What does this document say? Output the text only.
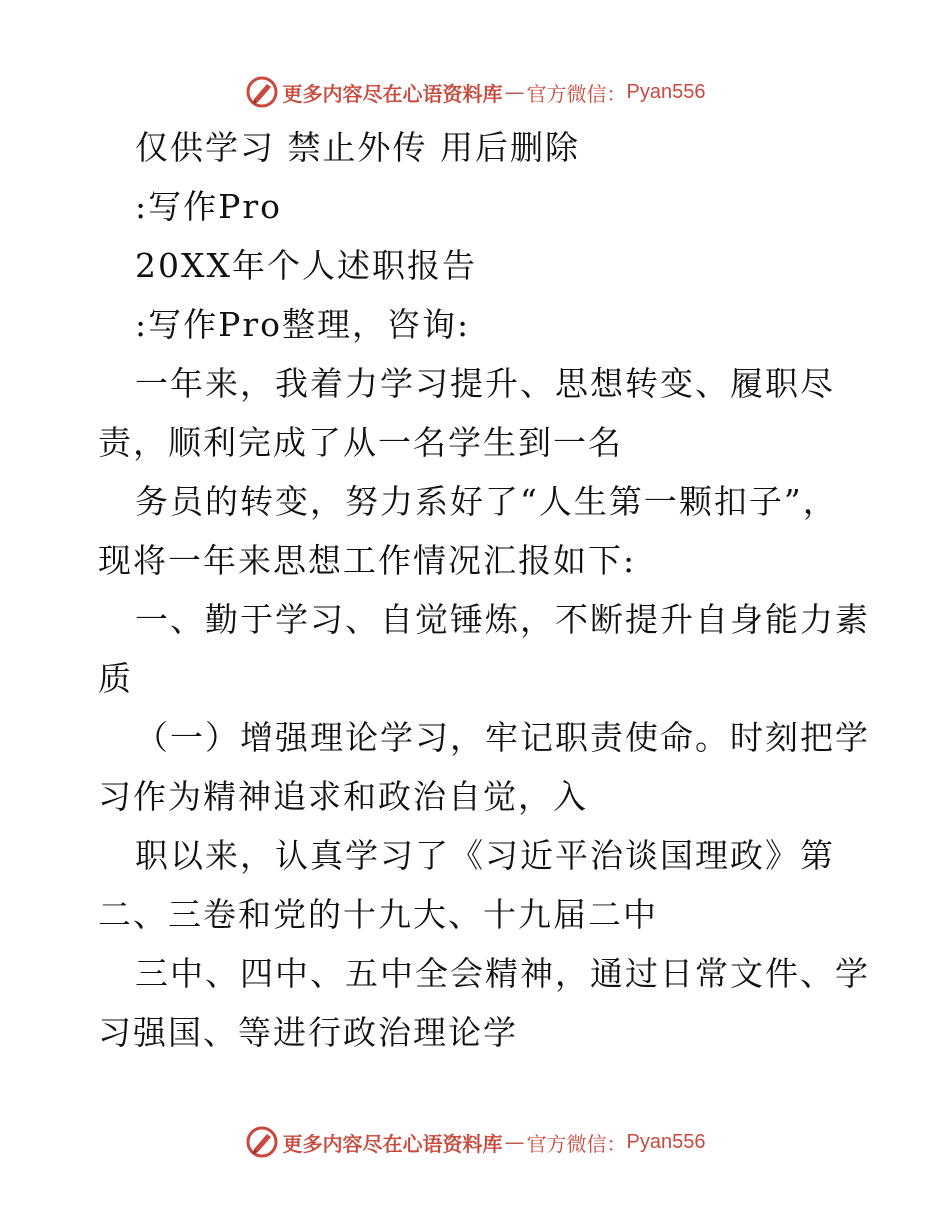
更多内容尽在心语资料库 — 官方微信： Pyan556
仅供学习 禁止外传 用后删除
:写作Pro
20XX年个人述职报告
:写作Pro整理，咨询:
一年来，我着力学习提升、思想转变、履职尽
责，顺利完成了从一名学生到一名
务员的转变，努力系好了“人生第一颗扣子”，
现将一年来思想工作情况汇报如下:
一、勤于学习、自觉锤炼，不断提升自身能力素
质
（一）增强理论学习，牢记职责使命。时刻把学
习作为精神追求和政治自觉，入
职以来，认真学习了《习近平治谈国理政》第
二、三卷和党的十九大、十九届二中
三中、四中、五中全会精神，通过日常文件、学
习强国、等进行政治理论学
更多内容尽在心语资料库 — 官方微信： Pyan556
